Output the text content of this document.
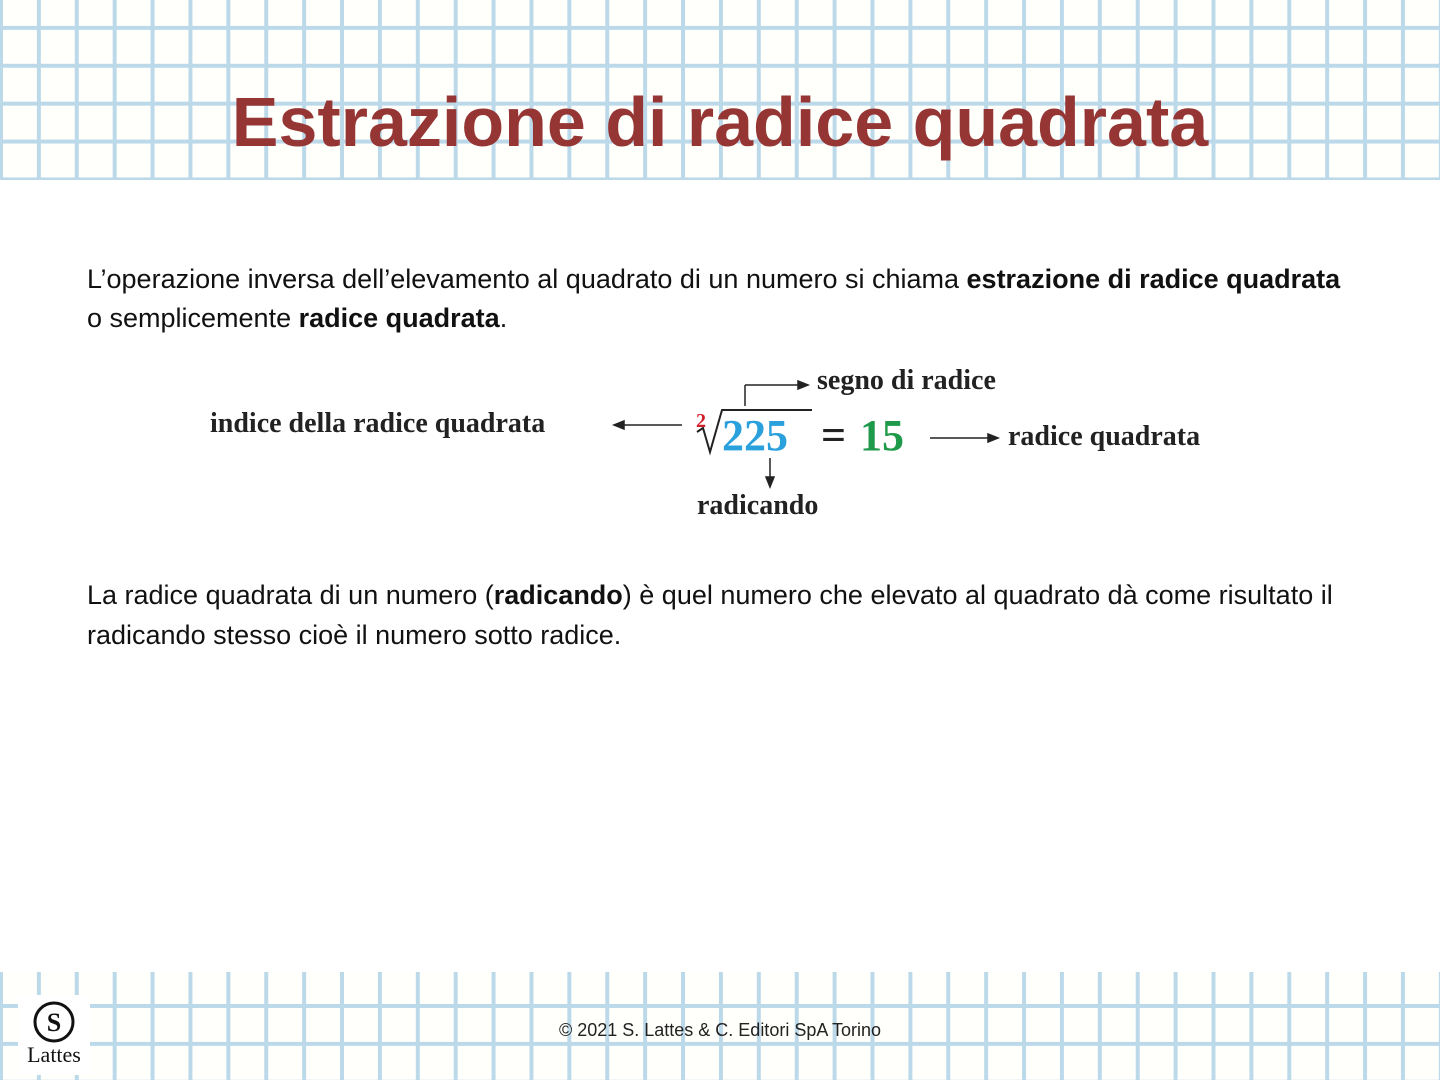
Estrazione di radice quadrata
L’operazione inversa dell’elevamento al quadrato di un numero si chiama estrazione di radice quadrata o semplicemente radice quadrata.
indice della radice quadrata
segno di radice
radicando
radice quadrata
2 225 = 15
La radice quadrata di un numero (radicando) è quel numero che elevato al quadrato dà come risultato il radicando stesso cioè il numero sotto radice.
S
Lattes
© 2021 S. Lattes & C. Editori SpA Torino
